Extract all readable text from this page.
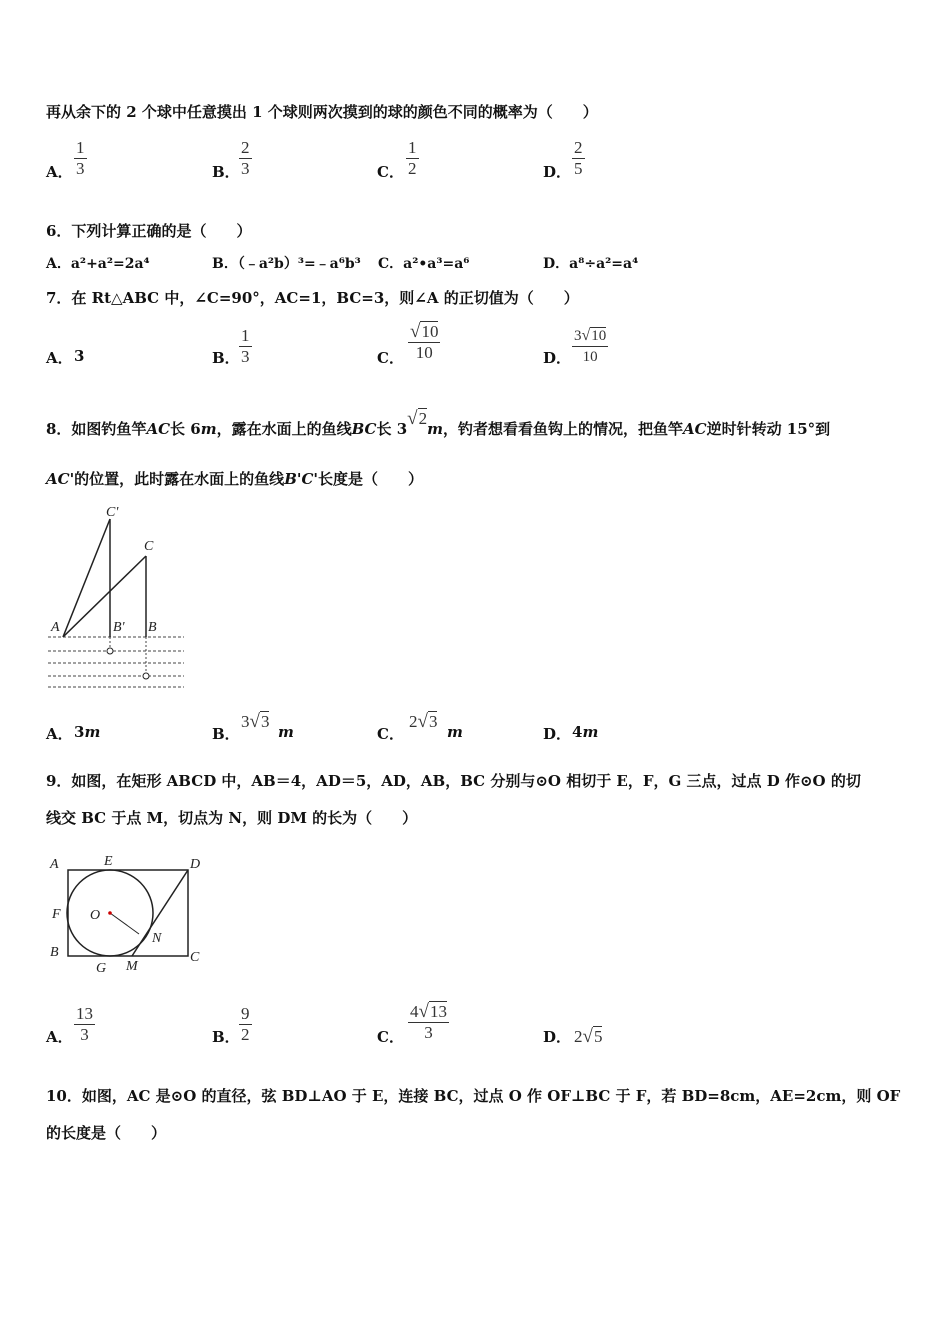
再从余下的 2 个球中任意摸出 1 个球则两次摸到的球的颜色不同的概率为（　　）
A．
1
3	B．
2
3	C．
1
2	D．
2
5
6．下列计算正确的是（　　）
A．a²+a²=2a⁴	B．（﹣a²b）³=﹣a⁶b³ C．a²•a³=a⁶	D．a⁸÷a²=a⁴
7．在 Rt△ABC 中，∠C=90°，AC=1，BC=3，则∠A 的正切值为（　　）
A． 3	B．
1
3	C．
√10
10	D．
3√10
10
8．如图钓鱼竿AC长 6m，露在水面上的鱼线BC长 3√2m，钓者想看看鱼钩上的情况，把鱼竿AC逆时针转动 15°到
AC'的位置，此时露在水面上的鱼线B'C'长度是（　　）
C'
C
A	B' B
A． 3m	B．
3√3
m	C．
2√3
m	D． 4m
9．如图，在矩形 ABCD 中，AB＝4，AD＝5，AD，AB，BC 分别与⊙O 相切于 E，F，G 三点，过点 D 作⊙O 的切
线交 BC 于点 M，切点为 N，则 DM 的长为（　　）
A	E	D
F O
N
B
G M
C
A．
13
3	B．
9
2	C．
4√13
3	D． 2√5
10．如图，AC 是⊙O 的直径，弦 BD⊥AO 于 E，连接 BC，过点 O 作 OF⊥BC 于 F，若 BD=8cm，AE=2cm，则 OF
的长度是（　　）
